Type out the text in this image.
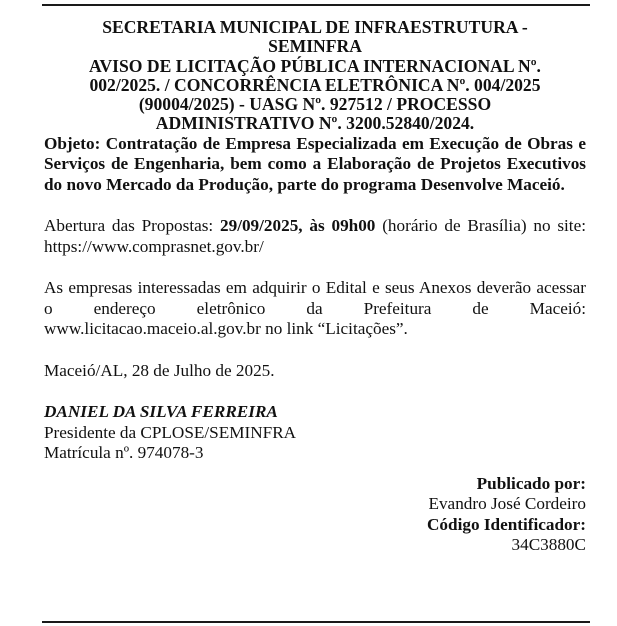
SECRETARIA MUNICIPAL DE INFRAESTRUTURA -
SEMINFRA
AVISO DE LICITAÇÃO PÚBLICA INTERNACIONAL Nº.
002/2025. / CONCORRÊNCIA ELETRÔNICA Nº. 004/2025
(90004/2025) - UASG Nº. 927512 / PROCESSO
ADMINISTRATIVO Nº. 3200.52840/2024.

Objeto: Contratação de Empresa Especializada em Execução de Obras e Serviços de Engenharia, bem como a Elaboração de Projetos Executivos do novo Mercado da Produção, parte do programa Desenvolve Maceió.

Abertura das Propostas: 29/09/2025, às 09h00 (horário de Brasília) no site: https://www.comprasnet.gov.br/

As empresas interessadas em adquirir o Edital e seus Anexos deverão acessar o endereço eletrônico da Prefeitura de Maceió: www.licitacao.maceio.al.gov.br no link “Licitações”.

Maceió/AL, 28 de Julho de 2025.

DANIEL DA SILVA FERREIRA
Presidente da CPLOSE/SEMINFRA
Matrícula nº. 974078-3
Publicado por:
Evandro José Cordeiro
Código Identificador:
34C3880C
